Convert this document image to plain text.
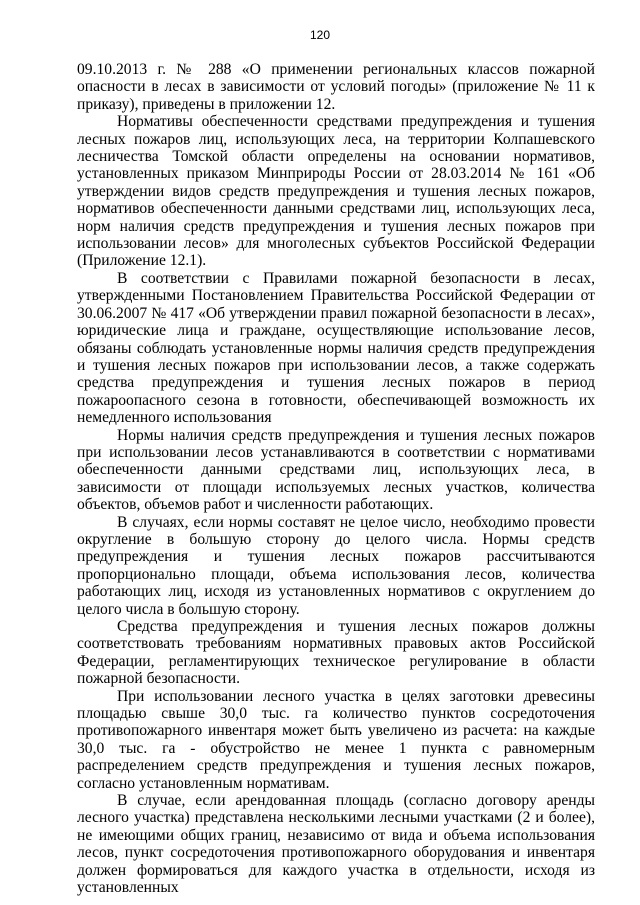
120

09.10.2013 г. № 288 «О применении региональных классов пожарной опасности в лесах в зависимости от условий погоды» (приложение № 11 к приказу), приведены в приложении 12.

Нормативы обеспеченности средствами предупреждения и тушения лесных пожаров лиц, использующих леса, на территории Колпашевского лесничества Томской области определены на основании нормативов, установленных приказом Минприроды России от 28.03.2014 № 161 «Об утверждении видов средств предупреждения и тушения лесных пожаров, нормативов обеспеченности данными средствами лиц, использующих леса, норм наличия средств предупреждения и тушения лесных пожаров при использовании лесов» для многолесных субъектов Российской Федерации (Приложение 12.1).

В соответствии с Правилами пожарной безопасности в лесах, утвержденными Постановлением Правительства Российской Федерации от 30.06.2007 № 417 «Об утверждении правил пожарной безопасности в лесах», юридические лица и граждане, осуществляющие использование лесов, обязаны соблюдать установленные нормы наличия средств предупреждения и тушения лесных пожаров при использовании лесов, а также содержать средства предупреждения и тушения лесных пожаров в период пожароопасного сезона в готовности, обеспечивающей возможность их немедленного использования

Нормы наличия средств предупреждения и тушения лесных пожаров при использовании лесов устанавливаются в соответствии с нормативами обеспеченности данными средствами лиц, использующих леса, в зависимости от площади используемых лесных участков, количества объектов, объемов работ и численности работающих.

В случаях, если нормы составят не целое число, необходимо провести округление в большую сторону до целого числа. Нормы средств предупреждения и тушения лесных пожаров рассчитываются пропорционально площади, объема использования лесов, количества работающих лиц, исходя из установленных нормативов с округлением до целого числа в большую сторону.

Средства предупреждения и тушения лесных пожаров должны соответствовать требованиям нормативных правовых актов Российской Федерации, регламентирующих техническое регулирование в области пожарной безопасности.

При использовании лесного участка в целях заготовки древесины площадью свыше 30,0 тыс. га количество пунктов сосредоточения противопожарного инвентаря может быть увеличено из расчета: на каждые 30,0 тыс. га - обустройство не менее 1 пункта с равномерным распределением средств предупреждения и тушения лесных пожаров, согласно установленным нормативам.

В случае, если арендованная площадь (согласно договору аренды лесного участка) представлена несколькими лесными участками (2 и более), не имеющими общих границ, независимо от вида и объема использования лесов, пункт сосредоточения противопожарного оборудования и инвентаря должен формироваться для каждого участка в отдельности, исходя из установленных
